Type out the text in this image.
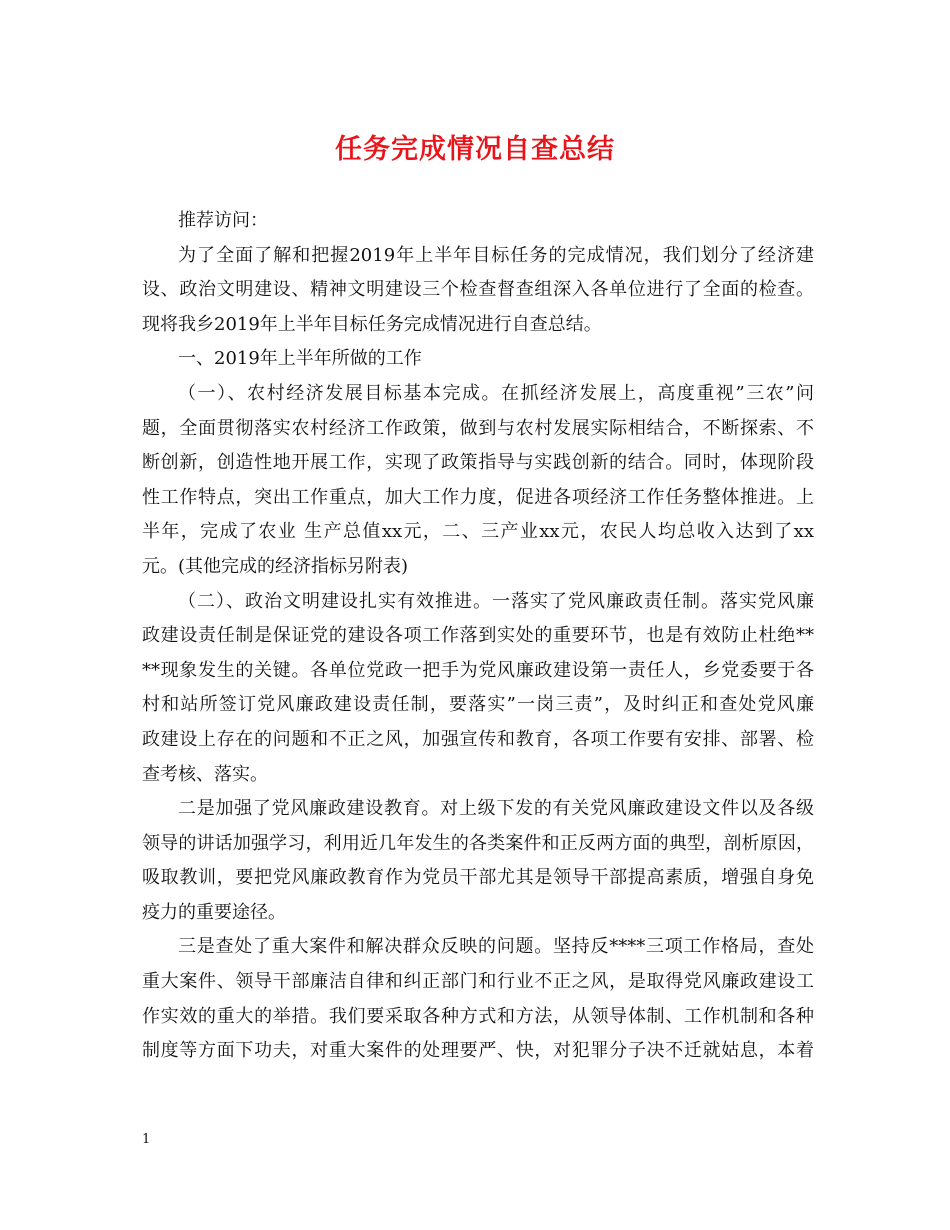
任务完成情况自查总结
推荐访问：
为了全面了解和把握2019年上半年目标任务的完成情况，我们划分了经济建
设、政治文明建设、精神文明建设三个检查督查组深入各单位进行了全面的检查。
现将我乡2019年上半年目标任务完成情况进行自查总结。
一、2019年上半年所做的工作
（一）、农村经济发展目标基本完成。在抓经济发展上，高度重视”三农”问
题，全面贯彻落实农村经济工作政策，做到与农村发展实际相结合，不断探索、不
断创新，创造性地开展工作，实现了政策指导与实践创新的结合。同时，体现阶段
性工作特点，突出工作重点，加大工作力度，促进各项经济工作任务整体推进。上
半年，完成了农业 生产总值xx元，二、三产业xx元，农民人均总收入达到了xx
元。(其他完成的经济指标另附表)
（二）、政治文明建设扎实有效推进。一落实了党风廉政责任制。落实党风廉
政建设责任制是保证党的建设各项工作落到实处的重要环节，也是有效防止杜绝**
**现象发生的关键。各单位党政一把手为党风廉政建设第一责任人，乡党委要于各
村和站所签订党风廉政建设责任制，要落实”一岗三责”，及时纠正和查处党风廉
政建设上存在的问题和不正之风，加强宣传和教育，各项工作要有安排、部署、检
查考核、落实。
二是加强了党风廉政建设教育。对上级下发的有关党风廉政建设文件以及各级
领导的讲话加强学习，利用近几年发生的各类案件和正反两方面的典型，剖析原因，
吸取教训，要把党风廉政教育作为党员干部尤其是领导干部提高素质，增强自身免
疫力的重要途径。
三是查处了重大案件和解决群众反映的问题。坚持反****三项工作格局，查处
重大案件、领导干部廉洁自律和纠正部门和行业不正之风，是取得党风廉政建设工
作实效的重大的举措。我们要采取各种方式和方法，从领导体制、工作机制和各种
制度等方面下功夫，对重大案件的处理要严、快，对犯罪分子决不迁就姑息，本着
1
